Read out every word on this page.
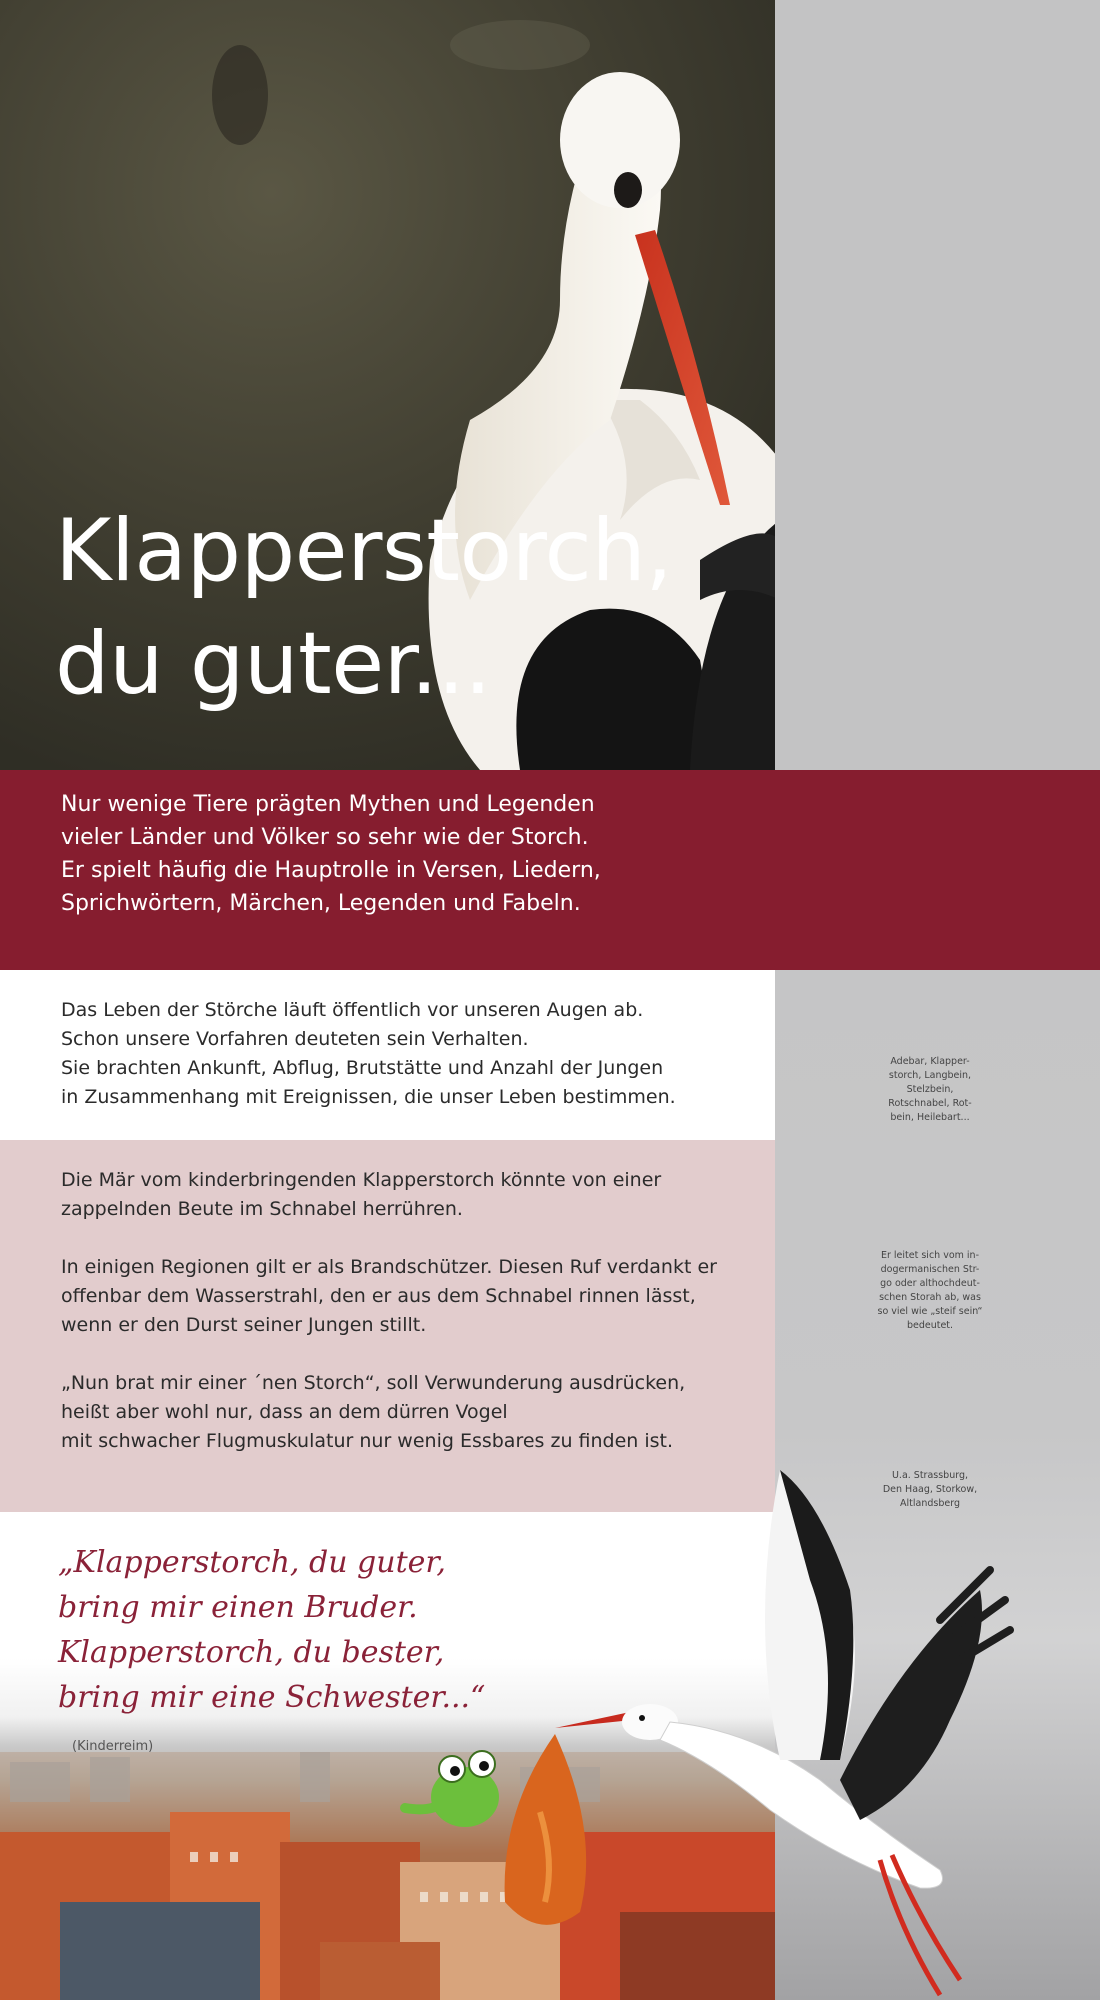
Klapperstorch,
du guter...

Nur wenige Tiere prägten Mythen und Legenden
vieler Länder und Völker so sehr wie der Storch.
Er spielt häufig die Hauptrolle in Versen, Liedern,
Sprichwörtern, Märchen, Legenden und Fabeln.

Adebar, Klapper-
storch, Langbein,
Stelzbein,
Rotschnabel, Rot-
bein, Heilebart...
Er leitet sich vom in-
dogermanischen Str-
go oder althochdeut-
schen Storah ab, was
so viel wie „steif sein“
bedeutet.
U.a. Strassburg,
Den Haag, Storkow,
Altlandsberg

Das Leben der Störche läuft öffentlich vor unseren Augen ab.
Schon unsere Vorfahren deuteten sein Verhalten.
Sie brachten Ankunft, Abflug, Brutstätte und Anzahl der Jungen
in Zusammenhang mit Ereignissen, die unser Leben bestimmen.

Die Mär vom kinderbringenden Klapperstorch könnte von einer
zappelnden Beute im Schnabel herrühren.
In einigen Regionen gilt er als Brandschützer. Diesen Ruf verdankt er
offenbar dem Wasserstrahl, den er aus dem Schnabel rinnen lässt,
wenn er den Durst seiner Jungen stillt.
„Nun brat mir einer ´nen Storch“, soll Verwunderung ausdrücken,
heißt aber wohl nur, dass an dem dürren Vogel
mit schwacher Flugmuskulatur nur wenig Essbares zu finden ist.
„Klapperstorch, du guter,
bring mir einen Bruder.
Klapperstorch, du bester,
bring mir eine Schwester...“
(Kinderreim)
